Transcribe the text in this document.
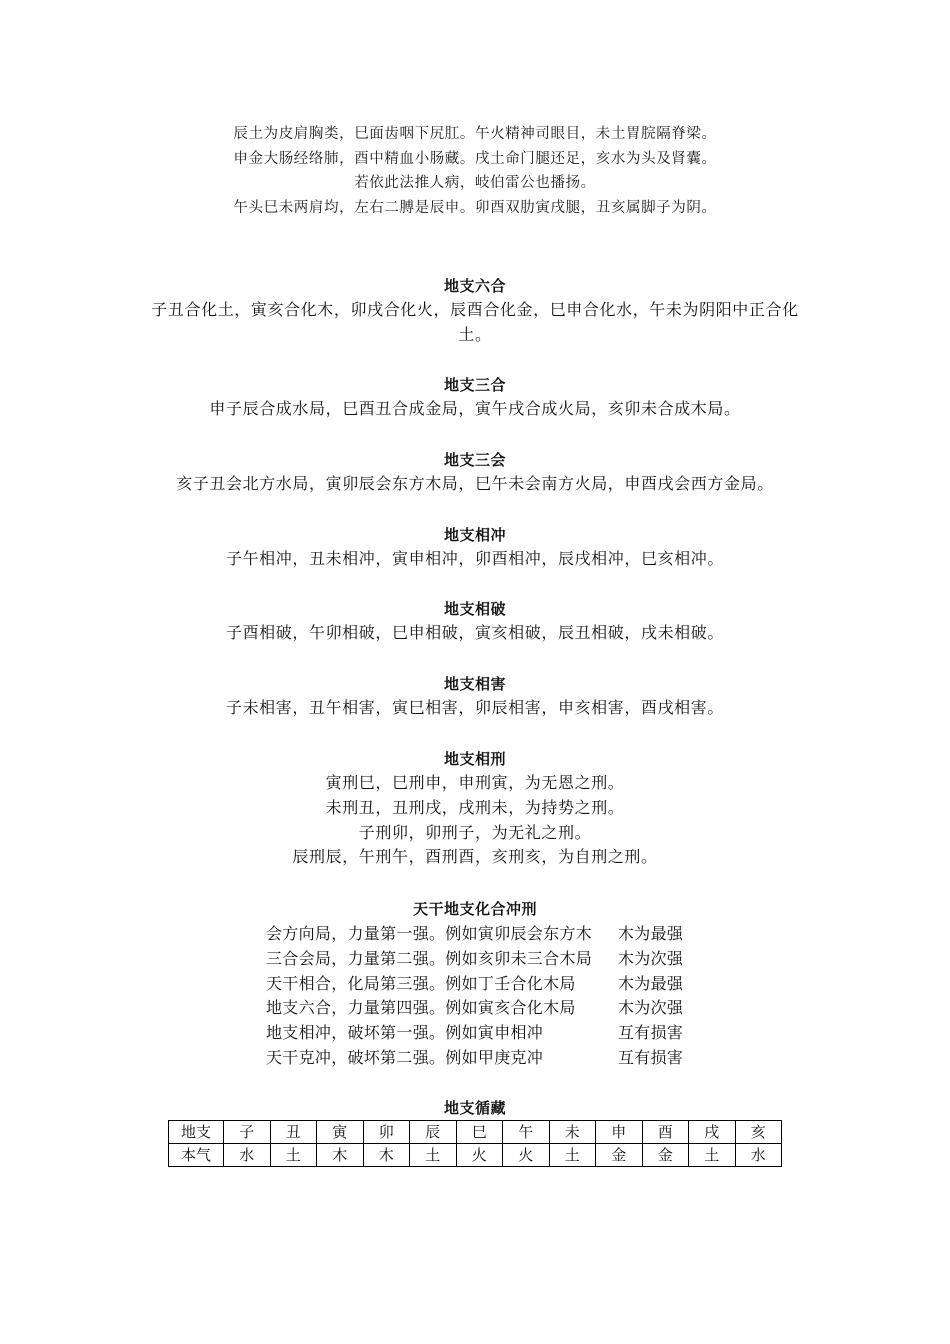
辰土为皮肩胸类，巳面齿咽下尻肛。午火精神司眼目，未土胃脘隔脊梁。
申金大肠经络肺，酉中精血小肠藏。戌土命门腿还足，亥水为头及肾囊。
若依此法推人病，岐伯雷公也播扬。
午头巳未两肩均，左右二膊是辰申。卯酉双肋寅戌腿，丑亥属脚子为阴。
地支六合
子丑合化土，寅亥合化木，卯戌合化火，辰酉合化金，巳申合化水，午未为阴阳中正合化
土。
地支三合
申子辰合成水局，巳酉丑合成金局，寅午戌合成火局，亥卯未合成木局。
地支三会
亥子丑会北方水局，寅卯辰会东方木局，巳午未会南方火局，申酉戌会西方金局。
地支相冲
子午相冲，丑未相冲，寅申相冲，卯酉相冲，辰戌相冲，巳亥相冲。
地支相破
子酉相破，午卯相破，巳申相破，寅亥相破，辰丑相破，戌未相破。
地支相害
子未相害，丑午相害，寅巳相害，卯辰相害，申亥相害，酉戌相害。
地支相刑
寅刑巳，巳刑申，申刑寅，为无恩之刑。
未刑丑，丑刑戌，戌刑未，为持势之刑。
子刑卯，卯刑子，为无礼之刑。
辰刑辰，午刑午，酉刑酉，亥刑亥，为自刑之刑。
天干地支化合冲刑
会方向局，力量第一强。例如寅卯辰会东方木	木为最强
三合会局，力量第二强。例如亥卯未三合木局	木为次强
天干相合，化局第三强。例如丁壬合化木局	木为最强
地支六合，力量第四强。例如寅亥合化木局	木为次强
地支相冲，破坏第一强。例如寅申相冲	互有损害
天干克冲，破坏第二强。例如甲庚克冲	互有损害
地支循藏
地支	子	丑	寅	卯	辰	巳	午	未	申	酉	戌	亥
本气	水	土	木	木	土	火	火	土	金	金	土	水
